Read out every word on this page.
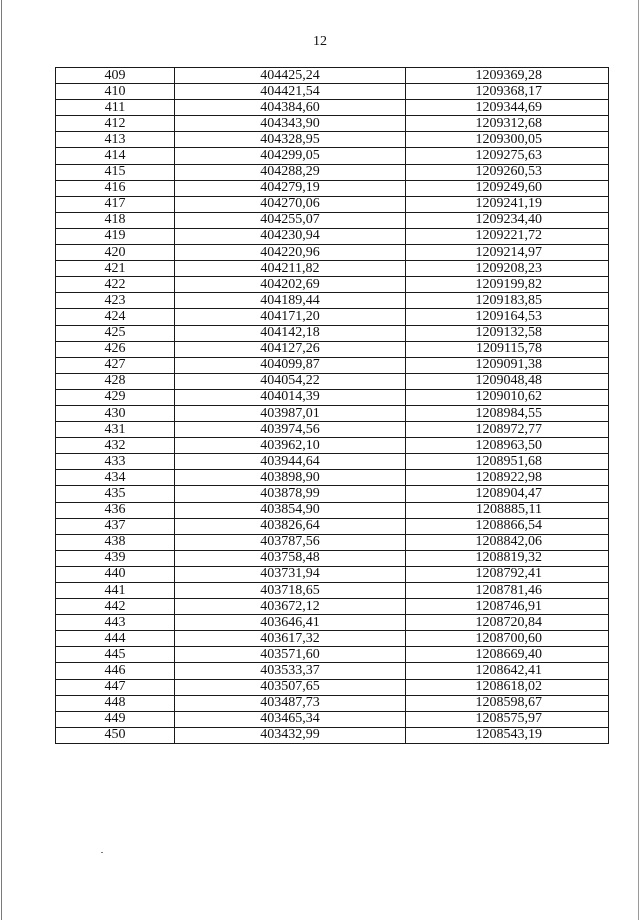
12
409	404425,24	1209369,28
410	404421,54	1209368,17
411	404384,60	1209344,69
412	404343,90	1209312,68
413	404328,95	1209300,05
414	404299,05	1209275,63
415	404288,29	1209260,53
416	404279,19	1209249,60
417	404270,06	1209241,19
418	404255,07	1209234,40
419	404230,94	1209221,72
420	404220,96	1209214,97
421	404211,82	1209208,23
422	404202,69	1209199,82
423	404189,44	1209183,85
424	404171,20	1209164,53
425	404142,18	1209132,58
426	404127,26	1209115,78
427	404099,87	1209091,38
428	404054,22	1209048,48
429	404014,39	1209010,62
430	403987,01	1208984,55
431	403974,56	1208972,77
432	403962,10	1208963,50
433	403944,64	1208951,68
434	403898,90	1208922,98
435	403878,99	1208904,47
436	403854,90	1208885,11
437	403826,64	1208866,54
438	403787,56	1208842,06
439	403758,48	1208819,32
440	403731,94	1208792,41
441	403718,65	1208781,46
442	403672,12	1208746,91
443	403646,41	1208720,84
444	403617,32	1208700,60
445	403571,60	1208669,40
446	403533,37	1208642,41
447	403507,65	1208618,02
448	403487,73	1208598,67
449	403465,34	1208575,97
450	403432,99	1208543,19
